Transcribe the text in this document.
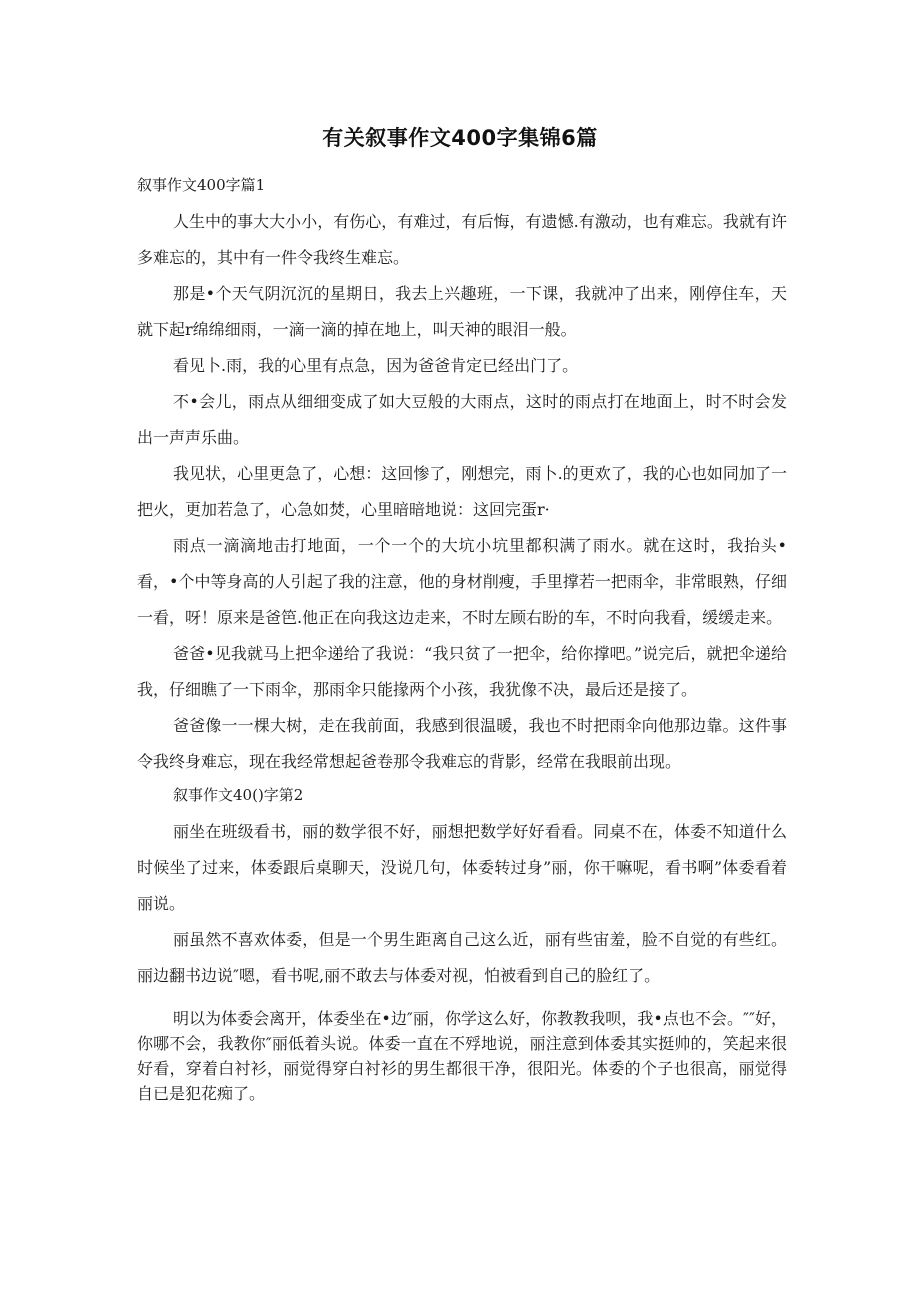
有关叙事作文400字集锦6篇
叙事作文400字篇1

人生中的事大大小小，有伤心，有难过，有后悔，有遗憾.有激动，也有难忘。我就有许多难忘的，其中有一件令我终生难忘。

那是•个天气阴沉沉的星期日，我去上兴趣班，一下课，我就冲了出来，刚停住车，天就下起r绵绵细雨，一滴一滴的掉在地上，叫天神的眼泪一般。

看见卜.雨，我的心里有点急，因为爸爸肯定已经出门了。

不•会儿，雨点从细细变成了如大豆般的大雨点，这时的雨点打在地面上，时不时会发出一声声乐曲。

我见状，心里更急了，心想：这回惨了，刚想完，雨卜.的更欢了，我的心也如同加了一把火，更加若急了，心急如焚，心里暗暗地说：这回完蛋r·

雨点一滴滴地击打地面，一个一个的大坑小坑里都积满了雨水。就在这时，我抬头•看，•个中等身高的人引起了我的注意，他的身材削瘦，手里撑若一把雨伞，非常眼熟，仔细一看，呀！原来是爸笆.他正在向我这边走来，不时左顾右盼的车，不时向我看，缓缓走来。

爸爸•见我就马上把伞递给了我说：“我只贫了一把伞，给你撑吧。”说完后，就把伞递给我，仔细瞧了一下雨伞，那雨伞只能掾两个小孩，我犹像不决，最后还是接了。

爸爸像一一棵大树，走在我前面，我感到很温暖，我也不时把雨伞向他那边靠。这件事令我终身难忘，现在我经常想起爸卷那令我难忘的背影，经常在我眼前出现。

叙事作文40()字第2

丽坐在班级看书，丽的数学很不好，丽想把数学好好看看。同桌不在，体委不知道什么时候坐了过来，体委跟后桌聊天，没说几句，体委转过身”丽，你干嘛呢，看书啊”体委看着丽说。

丽虽然不喜欢体委，但是一个男生距离自己这么近，丽有些宙羞，脸不自觉的有些红。丽边翻书边说″嗯，看书呢,丽不敢去与体委对视，怕被看到自己的脸红了。

明以为体委会离开，体委坐在•边″丽，你学这么好，你教教我呗，我•点也不会。″″好，你哪不会，我教你″丽低着头说。体委一直在不殍地说，丽注意到体委其实挺帅的，笑起来很好看，穿着白衬衫，丽觉得穿白衬衫的男生都很干净，很阳光。体委的个子也很高，丽觉得自已是犯花痴了。
